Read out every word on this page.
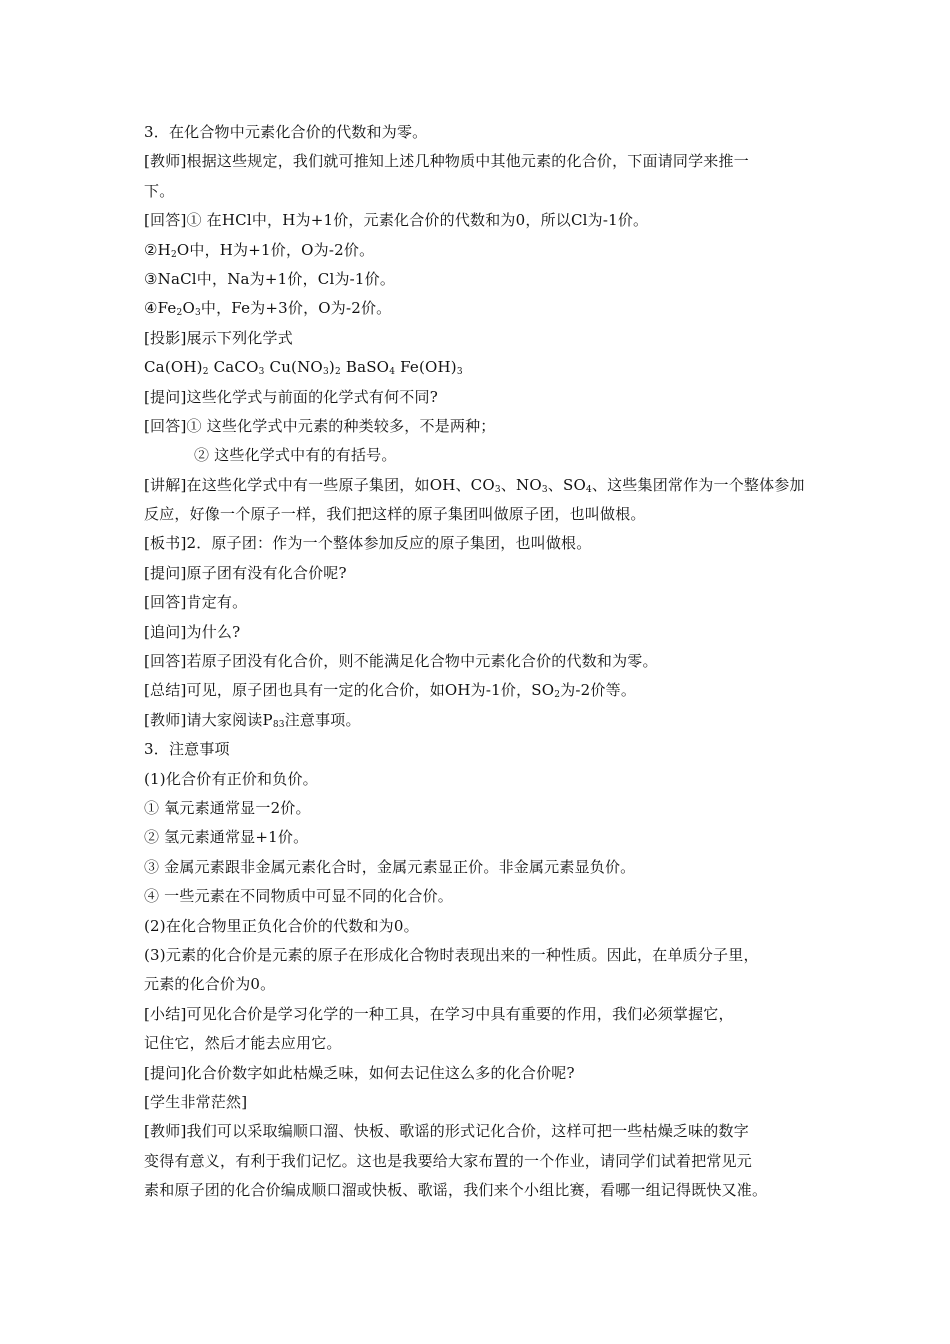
3．在化合物中元素化合价的代数和为零。
[教师]根据这些规定，我们就可推知上述几种物质中其他元素的化合价，下面请同学来推一
下。
[回答]① 在HCl中，H为+1价，元素化合价的代数和为0，所以Cl为-1价。
$②H_2O$中，H为+1价，O为-2价。
③NaCl中，Na为+1价，Cl为-1价。
$④Fe_2O_3$中，Fe为+3价，O为-2价。
[投影]展示下列化学式
$Ca(OH)_2$ CaCO$_3$ $Cu(NO_3)_2$ BaSO$_4$ $Fe(OH)_3$
[提问]这些化学式与前面的化学式有何不同?
[回答]① 这些化学式中元素的种类较多，不是两种；
② 这些化学式中有的有括号。
[讲解]在这些化学式中有一些原子集团，如OH、$CO_3$、$NO_3$、$SO_4$、这些集团常作为一个整体参加
反应，好像一个原子一样，我们把这样的原子集团叫做原子团，也叫做根。
[板书]2．原子团：作为一个整体参加反应的原子集团，也叫做根。
[提问]原子团有没有化合价呢?
[回答]肯定有。
[追问]为什么?
[回答]若原子团没有化合价，则不能满足化合物中元素化合价的代数和为零。
[总结]可见，原子团也具有一定的化合价，如OH为-1价，$SO_2$为-2价等。
[教师]请大家阅读$P_{83}$注意事项。
3．注意事项
(1)化合价有正价和负价。
① 氧元素通常显一2价。
② 氢元素通常显+1价。
③ 金属元素跟非金属元素化合时，金属元素显正价。非金属元素显负价。
④ 一些元素在不同物质中可显不同的化合价。
(2)在化合物里正负化合价的代数和为0。
(3)元素的化合价是元素的原子在形成化合物时表现出来的一种性质。因此，在单质分子里，
元素的化合价为0。
[小结]可见化合价是学习化学的一种工具，在学习中具有重要的作用，我们必须掌握它，
记住它，然后才能去应用它。
[提问]化合价数字如此枯燥乏味，如何去记住这么多的化合价呢?
[学生非常茫然]
[教师]我们可以采取编顺口溜、快板、歌谣的形式记化合价，这样可把一些枯燥乏味的数字
变得有意义，有利于我们记忆。这也是我要给大家布置的一个作业，请同学们试着把常见元
素和原子团的化合价编成顺口溜或快板、歌谣，我们来个小组比赛，看哪一组记得既快又准。
